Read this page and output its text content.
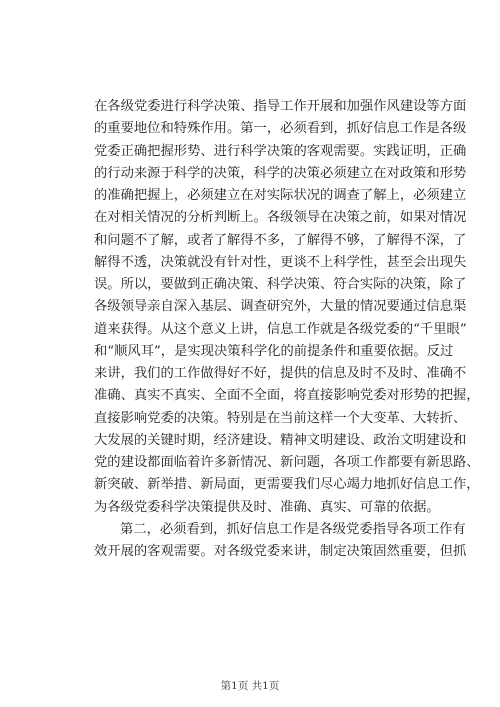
在各级党委进行科学决策、指导工作开展和加强作风建设等方面
的重要地位和特殊作用。第一，必须看到，抓好信息工作是各级
党委正确把握形势、进行科学决策的客观需要。实践证明，正确
的行动来源于科学的决策，科学的决策必须建立在对政策和形势
的准确把握上，必须建立在对实际状况的调查了解上，必须建立
在对相关情况的分析判断上。各级领导在决策之前，如果对情况
和问题不了解，或者了解得不多，了解得不够，了解得不深，了
解得不透，决策就没有针对性，更谈不上科学性，甚至会出现失
误。所以，要做到正确决策、科学决策、符合实际的决策，除了
各级领导亲自深入基层、调查研究外，大量的情况要通过信息渠
道来获得。从这个意义上讲，信息工作就是各级党委的“千里眼”
和“顺风耳”，是实现决策科学化的前提条件和重要依据。反过
来讲，我们的工作做得好不好，提供的信息及时不及时、准确不
准确、真实不真实、全面不全面，将直接影响党委对形势的把握，
直接影响党委的决策。特别是在当前这样一个大变革、大转折、
大发展的关键时期，经济建设、精神文明建设、政治文明建设和
党的建设都面临着许多新情况、新问题，各项工作都要有新思路、
新突破、新举措、新局面，更需要我们尽心竭力地抓好信息工作，
为各级党委科学决策提供及时、准确、真实、可靠的依据。
第二，必须看到，抓好信息工作是各级党委指导各项工作有
效开展的客观需要。对各级党委来讲，制定决策固然重要，但抓
第1页 共1页
